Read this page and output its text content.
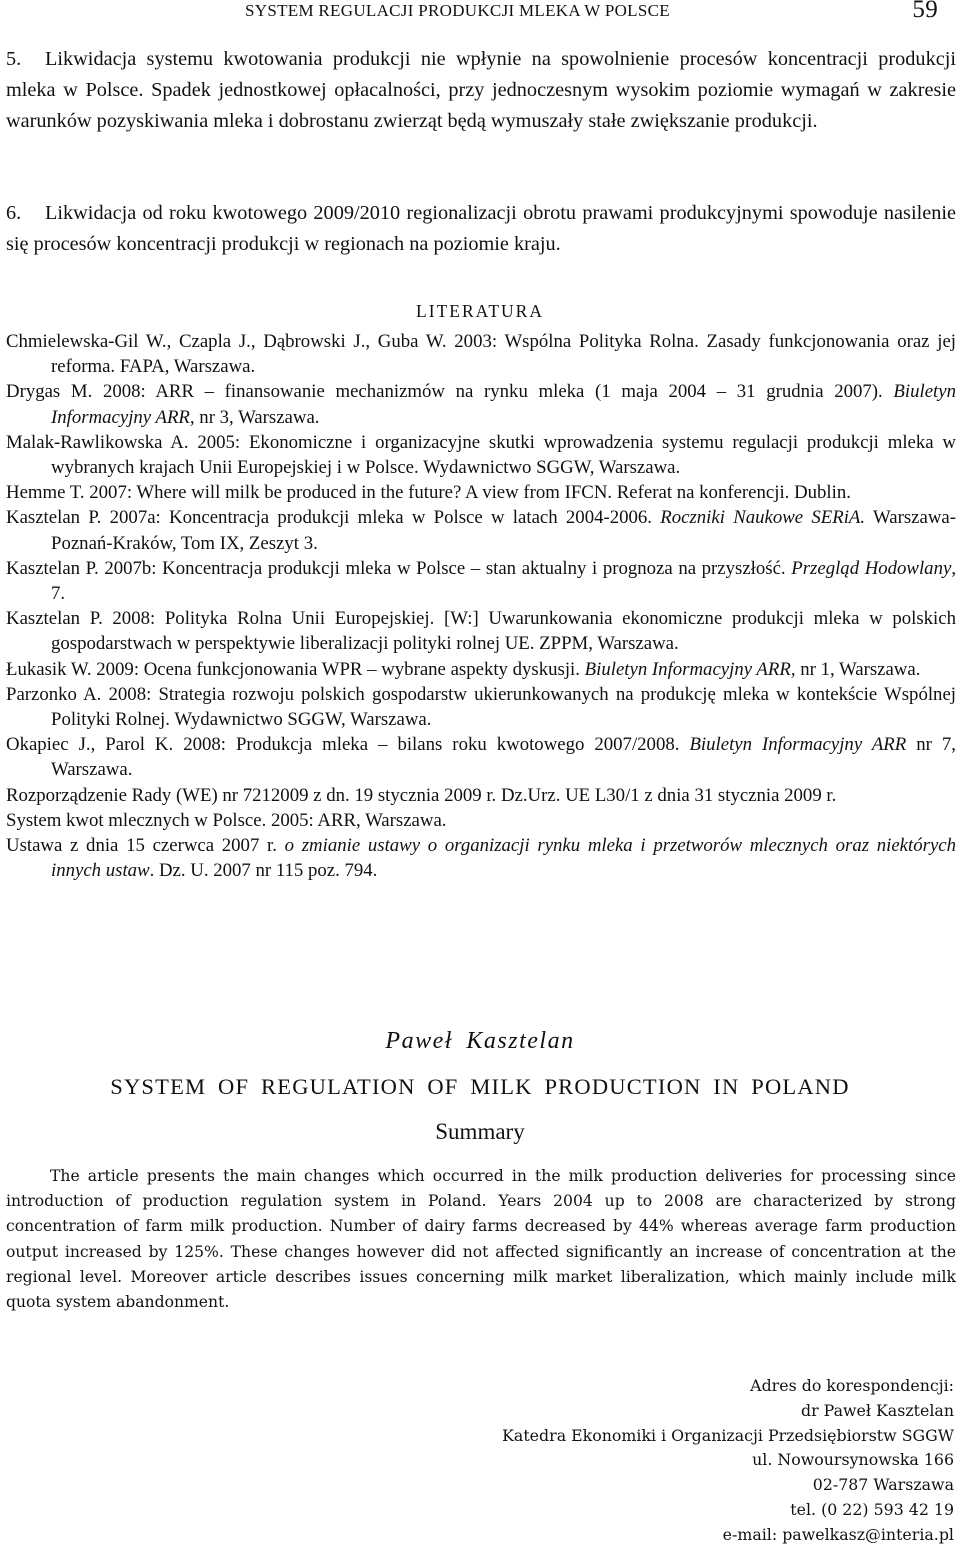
SYSTEM REGULACJI PRODUKCJI MLEKA W POLSCE	59
5. Likwidacja systemu kwotowania produkcji nie wpłynie na spowolnienie procesów koncentracji produkcji mleka w Polsce. Spadek jednostkowej opłacalności, przy jednoczesnym wysokim poziomie wymagań w zakresie warunków pozyskiwania mleka i dobrostanu zwierząt będą wymuszały stałe zwiększanie produkcji.
6. Likwidacja od roku kwotowego 2009/2010 regionalizacji obrotu prawami produkcyjnymi spowoduje nasilenie się procesów koncentracji produkcji w regionach na poziomie kraju.
LITERATURA
Chmielewska-Gil W., Czapla J., Dąbrowski J., Guba W. 2003: Wspólna Polityka Rolna. Zasady funkcjonowania oraz jej reforma. FAPA, Warszawa.
Drygas M. 2008: ARR – finansowanie mechanizmów na rynku mleka (1 maja 2004 – 31 grudnia 2007). Biuletyn Informacyjny ARR, nr 3, Warszawa.
Malak-Rawlikowska A. 2005: Ekonomiczne i organizacyjne skutki wprowadzenia systemu regulacji produkcji mleka w wybranych krajach Unii Europejskiej i w Polsce. Wydawnictwo SGGW, Warszawa.
Hemme T. 2007: Where will milk be produced in the future? A view from IFCN. Referat na konferencji. Dublin.
Kasztelan P. 2007a: Koncentracja produkcji mleka w Polsce w latach 2004-2006. Roczniki Naukowe SERiA. Warszawa-Poznań-Kraków, Tom IX, Zeszyt 3.
Kasztelan P. 2007b: Koncentracja produkcji mleka w Polsce – stan aktualny i prognoza na przyszłość. Przegląd Hodowlany, 7.
Kasztelan P. 2008: Polityka Rolna Unii Europejskiej. [W:] Uwarunkowania ekonomiczne produkcji mleka w polskich gospodarstwach w perspektywie liberalizacji polityki rolnej UE. ZPPM, Warszawa.
Łukasik W. 2009: Ocena funkcjonowania WPR – wybrane aspekty dyskusji. Biuletyn Informacyjny ARR, nr 1, Warszawa.
Parzonko A. 2008: Strategia rozwoju polskich gospodarstw ukierunkowanych na produkcję mleka w kontekście Wspólnej Polityki Rolnej. Wydawnictwo SGGW, Warszawa.
Okapiec J., Parol K. 2008: Produkcja mleka – bilans roku kwotowego 2007/2008. Biuletyn Informacyjny ARR nr 7, Warszawa.
Rozporządzenie Rady (WE) nr 7212009 z dn. 19 stycznia 2009 r. Dz.Urz. UE L30/1 z dnia 31 stycznia 2009 r.
System kwot mlecznych w Polsce. 2005: ARR, Warszawa.
Ustawa z dnia 15 czerwca 2007 r. o zmianie ustawy o organizacji rynku mleka i przetworów mlecznych oraz niektórych innych ustaw. Dz. U. 2007 nr 115 poz. 794.
Paweł Kasztelan
SYSTEM OF REGULATION OF MILK PRODUCTION IN POLAND
Summary
The article presents the main changes which occurred in the milk production deliveries for processing since introduction of production regulation system in Poland. Years 2004 up to 2008 are characterized by strong concentration of farm milk production. Number of dairy farms decreased by 44% whereas average farm production output increased by 125%. These changes however did not affected significantly an increase of concentration at the regional level. Moreover article describes issues concerning milk market liberalization, which mainly include milk quota system abandonment.
Adres do korespondencji:
dr Paweł Kasztelan
Katedra Ekonomiki i Organizacji Przedsiębiorstw SGGW
ul. Nowoursynowska 166
02-787 Warszawa
tel. (0 22) 593 42 19
e-mail: pawelkasz@interia.pl
